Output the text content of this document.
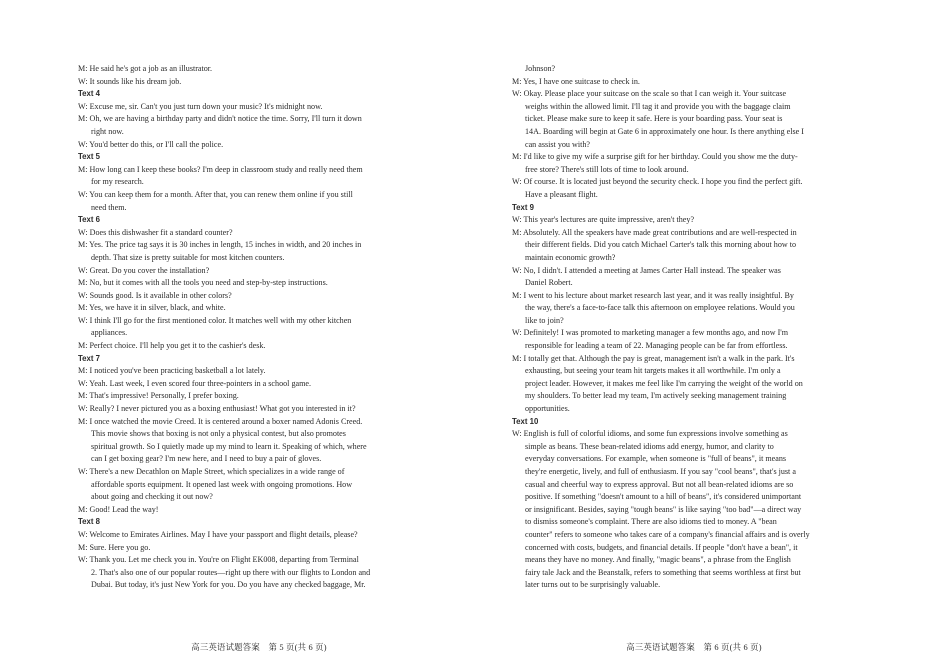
M: He said he's got a job as an illustrator.
W: It sounds like his dream job.
Text 4
W: Excuse me, sir. Can't you just turn down your music? It's midnight now.
M: Oh, we are having a birthday party and didn't notice the time. Sorry, I'll turn it down
right now.
W: You'd better do this, or I'll call the police.
Text 5
M: How long can I keep these books? I'm deep in classroom study and really need them
for my research.
W: You can keep them for a month. After that, you can renew them online if you still
need them.
Text 6
W: Does this dishwasher fit a standard counter?
M: Yes. The price tag says it is 30 inches in length, 15 inches in width, and 20 inches in
depth. That size is pretty suitable for most kitchen counters.
W: Great. Do you cover the installation?
M: No, but it comes with all the tools you need and step-by-step instructions.
W: Sounds good. Is it available in other colors?
M: Yes, we have it in silver, black, and white.
W: I think I'll go for the first mentioned color. It matches well with my other kitchen
appliances.
M: Perfect choice. I'll help you get it to the cashier's desk.
Text 7
M: I noticed you've been practicing basketball a lot lately.
W: Yeah. Last week, I even scored four three-pointers in a school game.
M: That's impressive! Personally, I prefer boxing.
W: Really? I never pictured you as a boxing enthusiast! What got you interested in it?
M: I once watched the movie Creed. It is centered around a boxer named Adonis Creed.
This movie shows that boxing is not only a physical contest, but also promotes
spiritual growth. So I quietly made up my mind to learn it. Speaking of which, where
can I get boxing gear? I'm new here, and I need to buy a pair of gloves.
W: There's a new Decathlon on Maple Street, which specializes in a wide range of
affordable sports equipment. It opened last week with ongoing promotions. How
about going and checking it out now?
M: Good! Lead the way!
Text 8
W: Welcome to Emirates Airlines. May I have your passport and flight details, please?
M: Sure. Here you go.
W: Thank you. Let me check you in. You're on Flight EK008, departing from Terminal
2. That's also one of our popular routes—right up there with our flights to London and
Dubai. But today, it's just New York for you. Do you have any checked baggage, Mr.
高三英语试题答案　第 5 页(共 6 页)
Johnson?
M: Yes, I have one suitcase to check in.
W: Okay. Please place your suitcase on the scale so that I can weigh it. Your suitcase
weighs within the allowed limit. I'll tag it and provide you with the baggage claim
ticket. Please make sure to keep it safe. Here is your boarding pass. Your seat is
14A. Boarding will begin at Gate 6 in approximately one hour. Is there anything else I
can assist you with?
M: I'd like to give my wife a surprise gift for her birthday. Could you show me the duty-
free store? There's still lots of time to look around.
W: Of course. It is located just beyond the security check. I hope you find the perfect gift.
Have a pleasant flight.
Text 9
W: This year's lectures are quite impressive, aren't they?
M: Absolutely. All the speakers have made great contributions and are well-respected in
their different fields. Did you catch Michael Carter's talk this morning about how to
maintain economic growth?
W: No, I didn't. I attended a meeting at James Carter Hall instead. The speaker was
Daniel Robert.
M: I went to his lecture about market research last year, and it was really insightful. By
the way, there's a face-to-face talk this afternoon on employee relations. Would you
like to join?
W: Definitely! I was promoted to marketing manager a few months ago, and now I'm
responsible for leading a team of 22. Managing people can be far from effortless.
M: I totally get that. Although the pay is great, management isn't a walk in the park. It's
exhausting, but seeing your team hit targets makes it all worthwhile. I'm only a
project leader. However, it makes me feel like I'm carrying the weight of the world on
my shoulders. To better lead my team, I'm actively seeking management training
opportunities.
Text 10
W: English is full of colorful idioms, and some fun expressions involve something as
simple as beans. These bean-related idioms add energy, humor, and clarity to
everyday conversations. For example, when someone is "full of beans", it means
they're energetic, lively, and full of enthusiasm. If you say "cool beans", that's just a
casual and cheerful way to express approval. But not all bean-related idioms are so
positive. If something "doesn't amount to a hill of beans", it's considered unimportant
or insignificant. Besides, saying "tough beans" is like saying "too bad"—a direct way
to dismiss someone's complaint. There are also idioms tied to money. A "bean
counter" refers to someone who takes care of a company's financial affairs and is overly
concerned with costs, budgets, and financial details. If people "don't have a bean", it
means they have no money. And finally, "magic beans", a phrase from the English
fairy tale Jack and the Beanstalk, refers to something that seems worthless at first but
later turns out to be surprisingly valuable.
高三英语试题答案　第 6 页(共 6 页)
